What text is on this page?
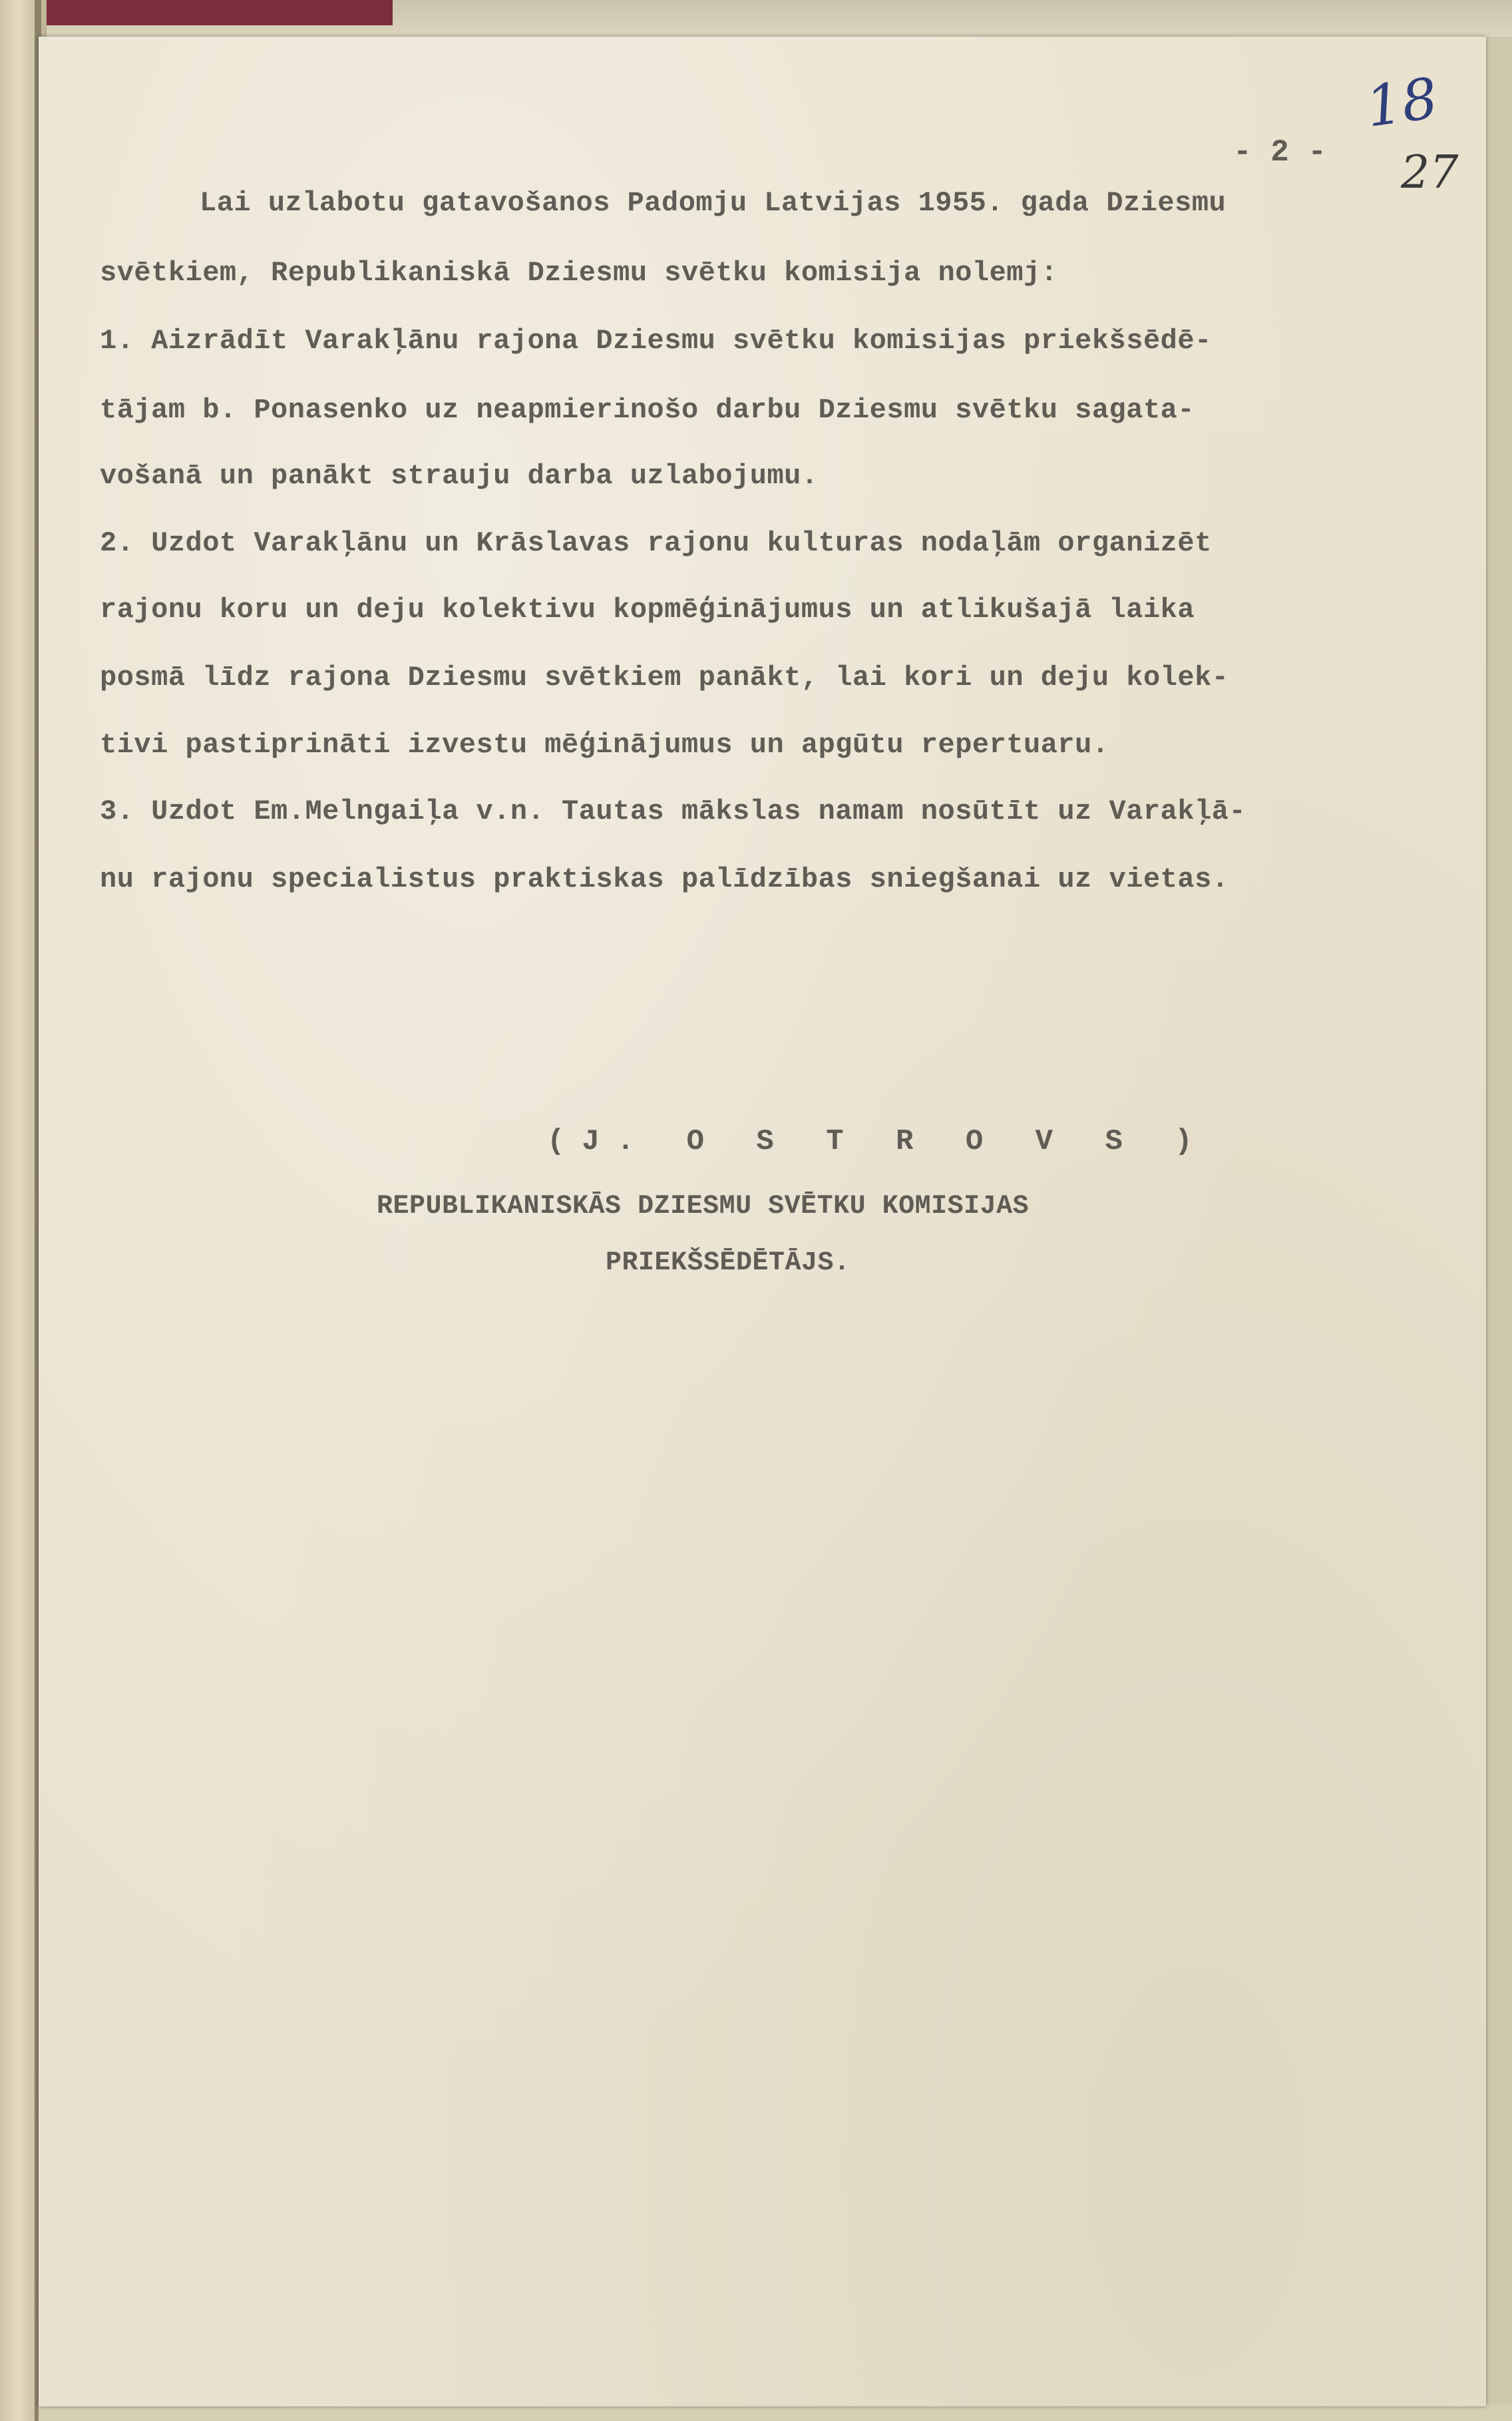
18
27
- 2 -
Lai uzlabotu gatavošanos Padomju Latvijas 1955. gada Dziesmu
svētkiem, Republikaniskā Dziesmu svētku komisija nolemj:
1. Aizrādīt Varakļānu rajona Dziesmu svētku komisijas priekšsēdē-
tājam b. Ponasenko uz neapmierinošo darbu Dziesmu svētku sagata-
vošanā un panākt strauju darba uzlabojumu.
2. Uzdot Varakļānu un Krāslavas rajonu kulturas nodaļām organizēt
rajonu koru un deju kolektivu kopmēģinājumus un atlikušajā laika
posmā līdz rajona Dziesmu svētkiem panākt, lai kori un deju kolek-
tivi pastiprināti izvestu mēģinājumus un apgūtu repertuaru.
3. Uzdot Em.Melngaiļa v.n. Tautas mākslas namam nosūtīt uz Varakļā-
nu rajonu specialistus praktiskas palīdzības sniegšanai uz vietas.
(J. O S T R O V S )
REPUBLIKANISKĀS DZIESMU SVĒTKU KOMISIJAS
PRIEKŠSĒDĒTĀJS.
